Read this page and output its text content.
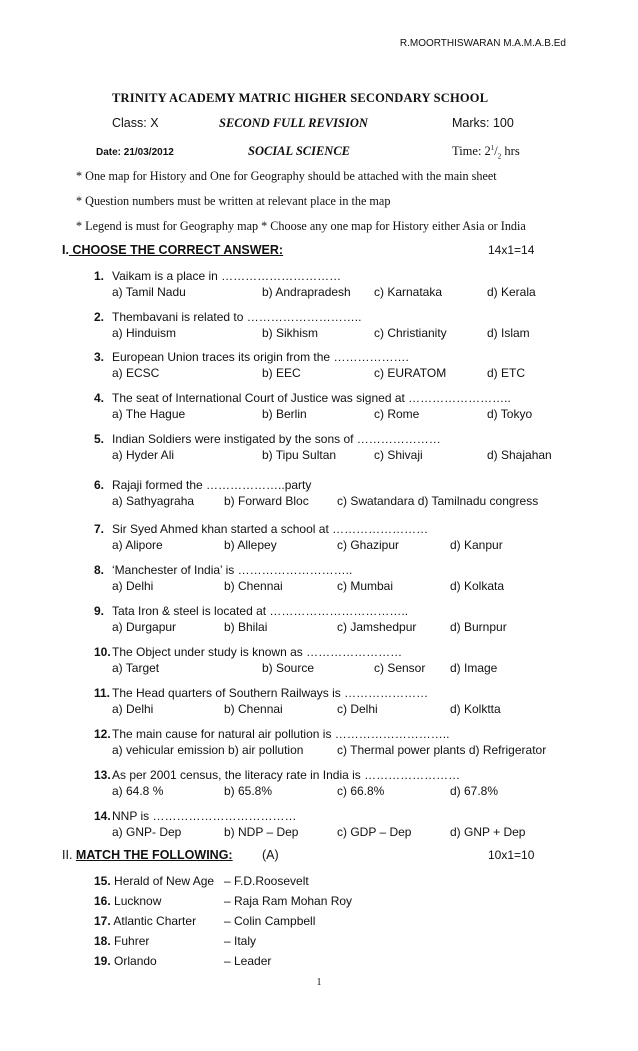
R.MOORTHISWARAN M.A.M.A.B.Ed
TRINITY ACADEMY MATRIC HIGHER SECONDARY SCHOOL
Class: X	SECOND FULL REVISION	Marks: 100
Date: 21/03/2012	SOCIAL SCIENCE	Time: $2^1/_2$ hrs
* One map for History and One for Geography should be attached with the main sheet
* Question numbers must be written at relevant place in the map
* Legend is must for Geography map * Choose any one map for History either Asia or India
I. CHOOSE THE CORRECT ANSWER:	14x1=14
1. Vaikam is a place in …………………………
a) Tamil Nadu	b) Andrapradesh c) Karnataka	d) Kerala
2. Thembavani is related to ………………………..
a) Hinduism	b) Sikhism	c) Christianity	d) Islam
3. European Union traces its origin from the ……………….
a) ECSC	b) EEC	c) EURATOM	d) ETC
4. The seat of International Court of Justice was signed at ……………………..
a) The Hague	b) Berlin	c) Rome	d) Tokyo
5. Indian Soldiers were instigated by the sons of …………………
a) Hyder Ali	b) Tipu Sultan	c) Shivaji	d) Shajahan
6. Rajaji formed the ………………..party
a) Sathyagraha b) Forward Bloc c) Swatandara d) Tamilnadu congress
7. Sir Syed Ahmed khan started a school at ……………………
a) Alipore	b) Allepey	c) Ghazipur	d) Kanpur
8. ‘Manchester of India’ is ………………………..
a) Delhi	b) Chennai	c) Mumbai	d) Kolkata
9. Tata Iron & steel is located at ……………………………..
a) Durgapur	b) Bhilai	c) Jamshedpur	d) Burnpur
10.The Object under study is known as ……………………
a) Target	b) Source	c) Sensor d) Image
11. The Head quarters of Southern Railways is …………………
a) Delhi	b) Chennai	c) Delhi	d) Kolktta
12.The main cause for natural air pollution is ………………………..
a) vehicular emission b) air pollution	c) Thermal power plants d) Refrigerator
13.As per 2001 census, the literacy rate in India is ……………………
a) 64.8 %	b) 65.8%	c) 66.8%	d) 67.8%
14.NNP is ………………………………
a) GNP- Dep	b) NDP – Dep	c) GDP – Dep	d) GNP + Dep
II. MATCH THE FOLLOWING: (A)	10x1=10
15. Herald of New Age – F.D.Roosevelt
16. Lucknow	– Raja Ram Mohan Roy
17. Atlantic Charter – Colin Campbell
18. Fuhrer	– Italy
19. Orlando	– Leader
1
